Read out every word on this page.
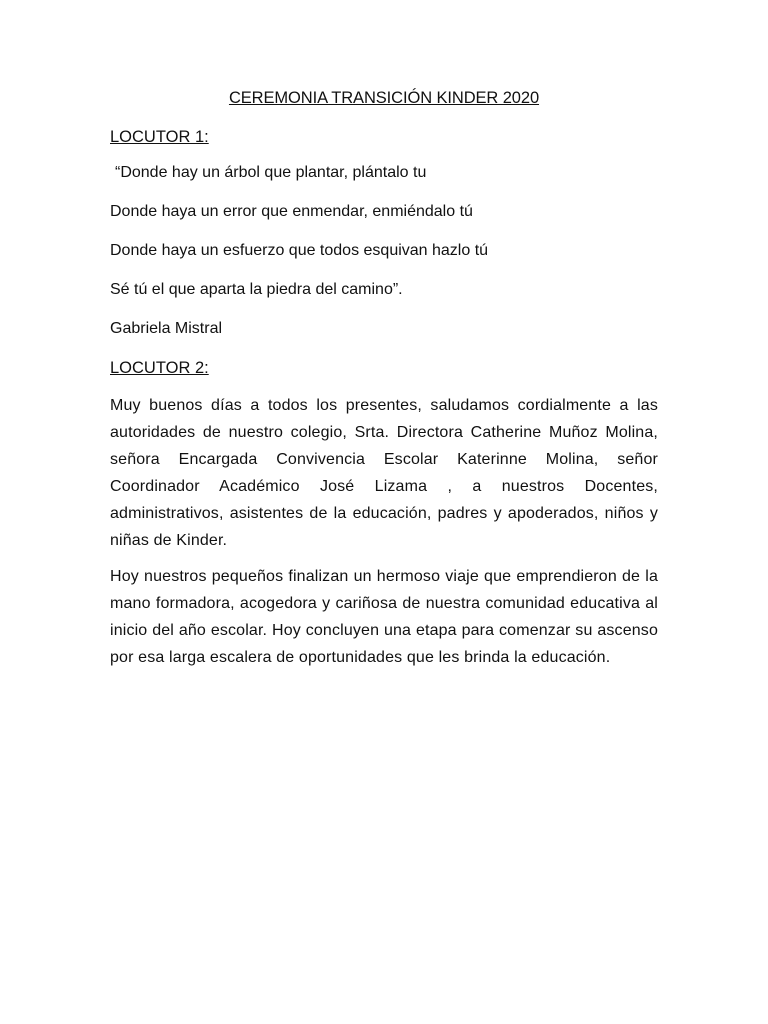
CEREMONIA TRANSICIÓN KINDER 2020
LOCUTOR 1:
“Donde hay un árbol que plantar, plántalo tu
Donde haya un error que enmendar, enmiéndalo tú
Donde haya un esfuerzo que todos esquivan hazlo tú
Sé tú el que aparta la piedra del camino”.
Gabriela Mistral
LOCUTOR 2:
Muy buenos días a todos los presentes, saludamos cordialmente a las autoridades de nuestro colegio, Srta. Directora Catherine Muñoz Molina, señora Encargada Convivencia Escolar Katerinne Molina, señor Coordinador Académico José Lizama , a nuestros Docentes, administrativos, asistentes de la educación, padres y apoderados, niños y niñas de Kinder.
Hoy nuestros pequeños finalizan un hermoso viaje que emprendieron de la mano formadora, acogedora y cariñosa de nuestra comunidad educativa al inicio del año escolar. Hoy concluyen una etapa para comenzar su ascenso por esa larga escalera de oportunidades que les brinda la educación.
